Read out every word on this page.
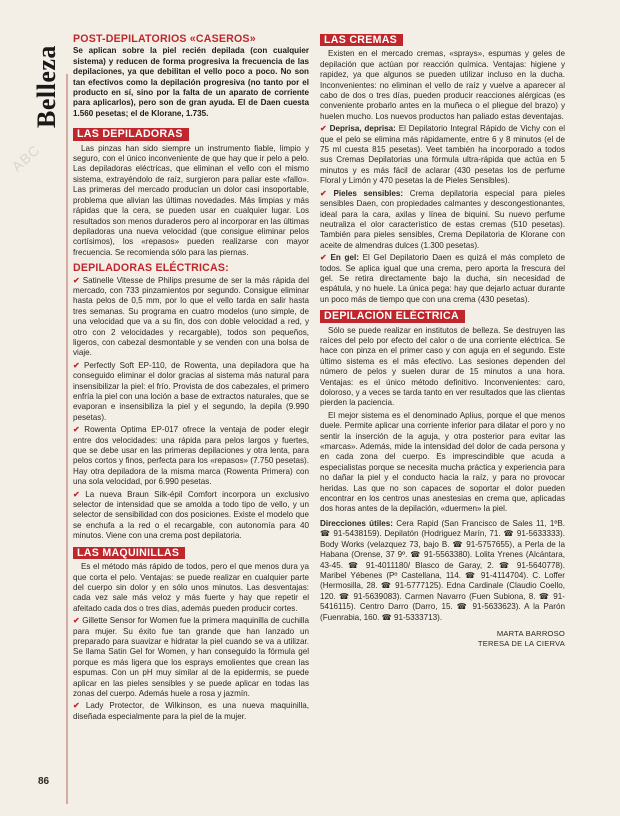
ABC
Belleza
POST-DEPILATORIOS «CASEROS»

Se aplican sobre la piel recién depilada (con cualquier sistema) y reducen de forma progresiva la frecuencia de las depilaciones, ya que debilitan el vello poco a poco. No son tan efectivos como la depilación progresiva (no tanto por el producto en sí, sino por la falta de un aparato de corriente para aplicarlos), pero son de gran ayuda. El de Daen cuesta 1.560 pesetas; el de Klorane, 1.735.

LAS DEPILADORAS

Las pinzas han sido siempre un instrumento fiable, limpio y seguro, con el único inconveniente de que hay que ir pelo a pelo. Las depiladoras eléctricas, que eliminan el vello con el mismo sistema, extrayéndolo de raíz, surgieron para paliar este «fallo». Las primeras del mercado producían un dolor casi insoportable, problema que alivian las últimas novedades. Más limpias y más rápidas que la cera, se pueden usar en cualquier lugar. Los resultados son menos duraderos pero al incorporar en las últimas depiladoras una nueva velocidad (que consigue eliminar pelos cortísimos), los «repasos» pueden realizarse con mayor frecuencia. Se recomienda sólo para las piernas.

DEPILADORAS ELÉCTRICAS:

✔ Satinelle Vitesse de Philips presume de ser la más rápida del mercado, con 733 pinzamientos por segundo. Consigue eliminar hasta pelos de 0,5 mm, por lo que el vello tarda en salir hasta tres semanas. Su programa en cuatro modelos (uno simple, de una velocidad que va a su fin, dos con doble velocidad a red, y otro con 2 velocidades y recargable), todos son pequeños, ligeros, con cabezal desmontable y se venden con una bolsa de viaje.

✔ Perfectly Soft EP-110, de Rowenta, una depiladora que ha conseguido eliminar el dolor gracias al sistema más natural para insensibilizar la piel: el frío. Provista de dos cabezales, el primero enfría la piel con una loción a base de extractos naturales, que se evaporan e insensibiliza la piel y el segundo, la depila (9.990 pesetas).

✔ Rowenta Optima EP-017 ofrece la ventaja de poder elegir entre dos velocidades: una rápida para pelos largos y fuertes, que se debe usar en las primeras depilaciones y otra lenta, para pelos cortos y finos, perfecta para los «repasos» (7.750 pesetas). Hay otra depiladora de la misma marca (Rowenta Primera) con una sola velocidad, por 6.990 pesetas.

✔ La nueva Braun Silk-épil Comfort incorpora un exclusivo selector de intensidad que se amolda a todo tipo de vello, y un selector de sensibilidad con dos posiciones. Existe el modelo que se enchufa a la red o el recargable, con autonomía para 40 minutos. Viene con una crema post depilatoria.

LAS MAQUINILLAS

Es el método más rápido de todos, pero el que menos dura ya que corta el pelo. Ventajas: se puede realizar en cualquier parte del cuerpo sin dolor y en sólo unos minutos. Las desventajas: cada vez sale más veloz y más fuerte y hay que repetir el afeitado cada dos o tres días, además pueden producir cortes.

✔ Gillette Sensor for Women fue la primera maquinilla de cuchilla para mujer. Su éxito fue tan grande que han lanzado un preparado para suavizar e hidratar la piel cuando se va a utilizar. Se llama Satin Gel for Women, y han conseguido la fórmula gel porque es más ligera que los esprays emolientes que crean las espumas. Con un pH muy similar al de la epidermis, se puede aplicar en las pieles sensibles y se puede aplicar en todas las zonas del cuerpo. Además huele a rosa y jazmín.

✔ Lady Protector, de Wilkinson, es una nueva maquinilla, diseñada especialmente para la piel de la mujer.

LAS CREMAS

Existen en el mercado cremas, «sprays», espumas y geles de depilación que actúan por reacción química. Ventajas: higiene y rapidez, ya que algunos se pueden utilizar incluso en la ducha. Inconvenientes: no eliminan el vello de raíz y vuelve a aparecer al cabo de dos o tres días, pueden producir reacciones alérgicas (es conveniente probarlo antes en la muñeca o el pliegue del brazo) y huelen mucho. Los nuevos productos han paliado estas deventajas.

✔ Deprisa, deprisa: El Depilatorio Integral Rápido de Vichy con el que el pelo se elimina más rápidamente, entre 6 y 8 minutos (el de 75 ml cuesta 815 pesetas). Veet también ha incorporado a todos sus Cremas Depilatorias una fórmula ultra-rápida que actúa en 5 minutos y es más fácil de aclarar (430 pesetas los de perfume Floral y Limón y 470 pesetas la de Pieles Sensibles).

✔ Pieles sensibles: Crema depilatoria especial para pieles sensibles Daen, con propiedades calmantes y descongestionantes, ideal para la cara, axilas y línea de biquini. Su nuevo perfume neutraliza el olor característico de estas cremas (510 pesetas). También para pieles sensibles, Crema Depilatoria de Klorane con aceite de almendras dulces (1.300 pesetas).

✔ En gel: El Gel Depilatorio Daen es quizá el más completo de todos. Se aplica igual que una crema, pero aporta la frescura del gel. Se retira directamente bajo la ducha, sin necesidad de espátula, y no huele. La única pega: hay que dejarlo actuar durante un poco más de tiempo que con una crema (430 pesetas).

DEPILACIÓN ELÉCTRICA

Sólo se puede realizar en institutos de belleza. Se destruyen las raíces del pelo por efecto del calor o de una corriente eléctrica. Se hace con pinza en el primer caso y con aguja en el segundo. Este último sistema es el más efectivo. Las sesiones dependen del número de pelos y suelen durar de 15 minutos a una hora. Ventajas: es el único método definitivo. Inconvenientes: caro, doloroso, y a veces se tarda tanto en ver resultados que las clientas pierden la paciencia.

El mejor sistema es el denominado Aplius, porque el que menos duele. Permite aplicar una corriente inferior para dilatar el poro y no sentir la inserción de la aguja, y otra posterior para evitar las «marcas». Además, mide la intensidad del dolor de cada persona y en cada zona del cuerpo. Es imprescindible que acuda a especialistas porque se necesita mucha práctica y experiencia para no dañar la piel y el conducto hacia la raíz, y para no provocar heridas. Las que no son capaces de soportar el dolor pueden encontrar en los centros unas anestesias en crema que, aplicadas dos horas antes de la depilación, «duermen» la piel.

Direcciones útiles: Cera Rapid (San Francisco de Sales 11, 1ºB. ☎ 91-5438159). Depilatón (Hodriguez Marín, 71. ☎ 91-5633333). Body Works (velazquez 73, bajo B. ☎ 91-5757655), a Perla de la Habana (Orense, 37 9º. ☎ 91-5563380). Lolita Yrenes (Alcántara, 43-45. ☎ 91-4011180/ Blasco de Garay, 2. ☎ 91-5640778). Maribel Yébenes (Pº Castellana, 114. ☎ 91-4114704). C. Loffer (Hermosilla, 28. ☎ 91-5777125). Edna Cardinale (Claudio Coello, 120. ☎ 91-5639083). Carmen Navarro (Fuen Subiona, 8. ☎ 91-5416115). Centro Darro (Darro, 15. ☎ 91-5633623). A la Parón (Fuenrabia, 160. ☎ 91-5333713).

MARTA BARROSO
TERESA DE LA CIERVA
86
